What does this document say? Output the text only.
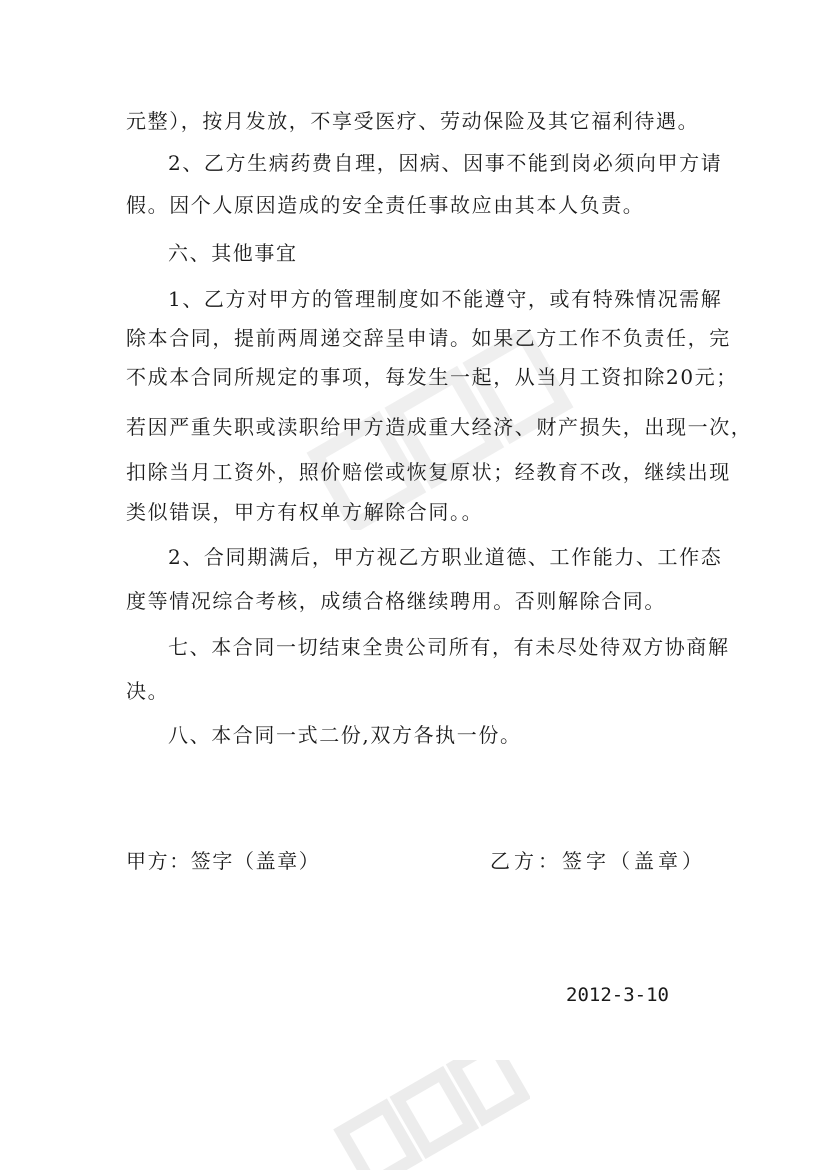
元整），按月发放，不享受医疗、劳动保险及其它福利待遇。
2、乙方生病药费自理，因病、因事不能到岗必须向甲方请
假。因个人原因造成的安全责任事故应由其本人负责。
六、其他事宜
1、乙方对甲方的管理制度如不能遵守，或有特殊情况需解
除本合同，提前两周递交辞呈申请。如果乙方工作不负责任，完
不成本合同所规定的事项，每发生一起，从当月工资扣除20元；
若因严重失职或渎职给甲方造成重大经济、财产损失，出现一次，
扣除当月工资外，照价赔偿或恢复原状；经教育不改，继续出现
类似错误，甲方有权单方解除合同。。
2、合同期满后，甲方视乙方职业道德、工作能力、工作态
度等情况综合考核，成绩合格继续聘用。否则解除合同。
七、本合同一切结束全贵公司所有，有未尽处待双方协商解
决。
八、本合同一式二份,双方各执一份。
甲方：签字（盖章）	乙方：签字（盖章）
2012-3-10
